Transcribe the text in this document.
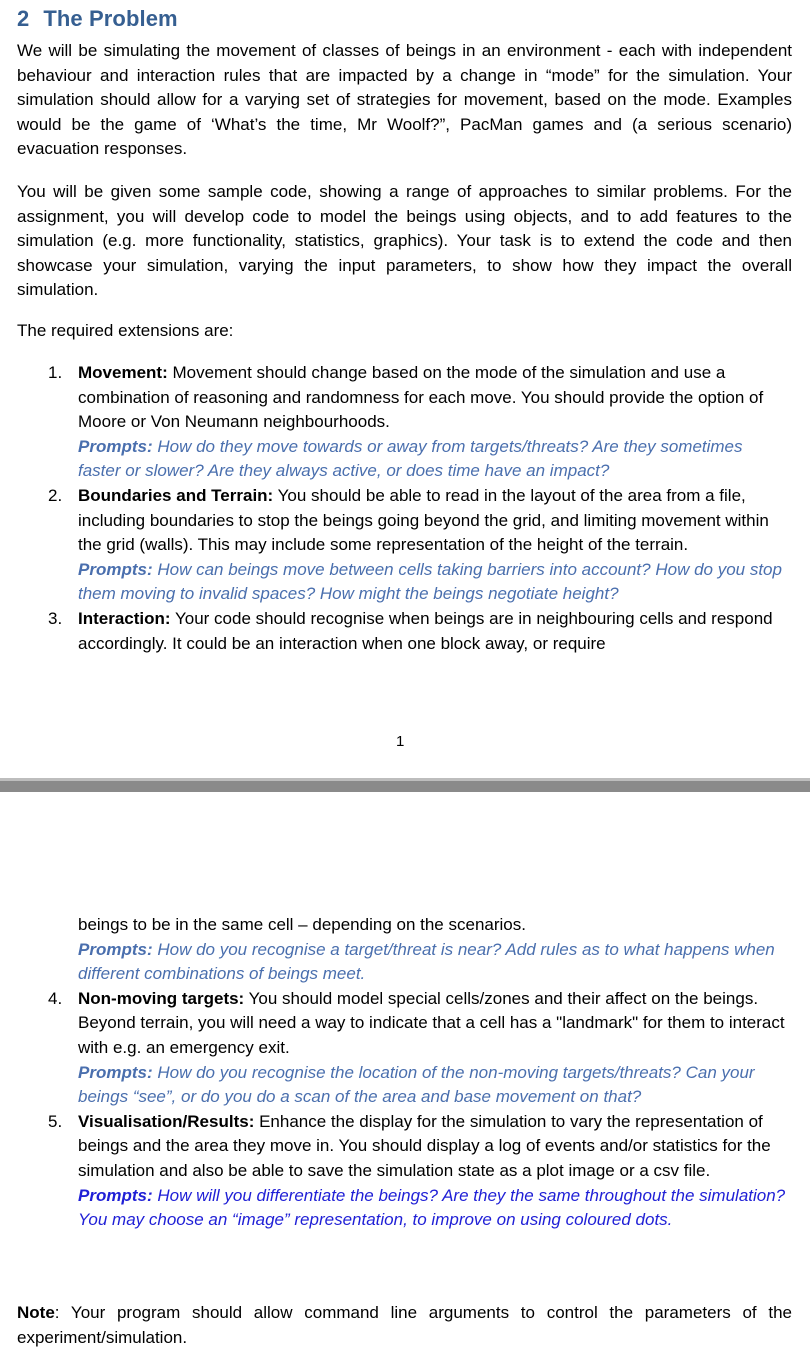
2 The Problem

We will be simulating the movement of classes of beings in an environment - each with independent behaviour and interaction rules that are impacted by a change in “mode” for the simulation. Your simulation should allow for a varying set of strategies for movement, based on the mode. Examples would be the game of ‘What’s the time, Mr Woolf?”, PacMan games and (a serious scenario) evacuation responses.

You will be given some sample code, showing a range of approaches to similar problems. For the assignment, you will develop code to model the beings using objects, and to add features to the simulation (e.g. more functionality, statistics, graphics). Your task is to extend the code and then showcase your simulation, varying the input parameters, to show how they impact the overall simulation.

The required extensions are:

1. Movement: Movement should change based on the mode of the simulation and use a combination of reasoning and randomness for each move. You should provide the option of Moore or Von Neumann neighbourhoods.
Prompts: How do they move towards or away from targets/threats? Are they sometimes faster or slower? Are they always active, or does time have an impact?
2. Boundaries and Terrain: You should be able to read in the layout of the area from a file, including boundaries to stop the beings going beyond the grid, and limiting movement within the grid (walls). This may include some representation of the height of the terrain.
Prompts: How can beings move between cells taking barriers into account? How do you stop them moving to invalid spaces? How might the beings negotiate height?
3. Interaction: Your code should recognise when beings are in neighbouring cells and respond accordingly. It could be an interaction when one block away, or require
1
beings to be in the same cell – depending on the scenarios.
Prompts: How do you recognise a target/threat is near? Add rules as to what happens when different combinations of beings meet.
4. Non-moving targets: You should model special cells/zones and their affect on the beings. Beyond terrain, you will need a way to indicate that a cell has a "landmark" for them to interact with e.g. an emergency exit.
Prompts: How do you recognise the location of the non-moving targets/threats? Can your beings “see”, or do you do a scan of the area and base movement on that?
5. Visualisation/Results: Enhance the display for the simulation to vary the representation of beings and the area they move in. You should display a log of events and/or statistics for the simulation and also be able to save the simulation state as a plot image or a csv file.
Prompts: How will you differentiate the beings? Are they the same throughout the simulation? You may choose an “image” representation, to improve on using coloured dots.

Note: Your program should allow command line arguments to control the parameters of the experiment/simulation.
